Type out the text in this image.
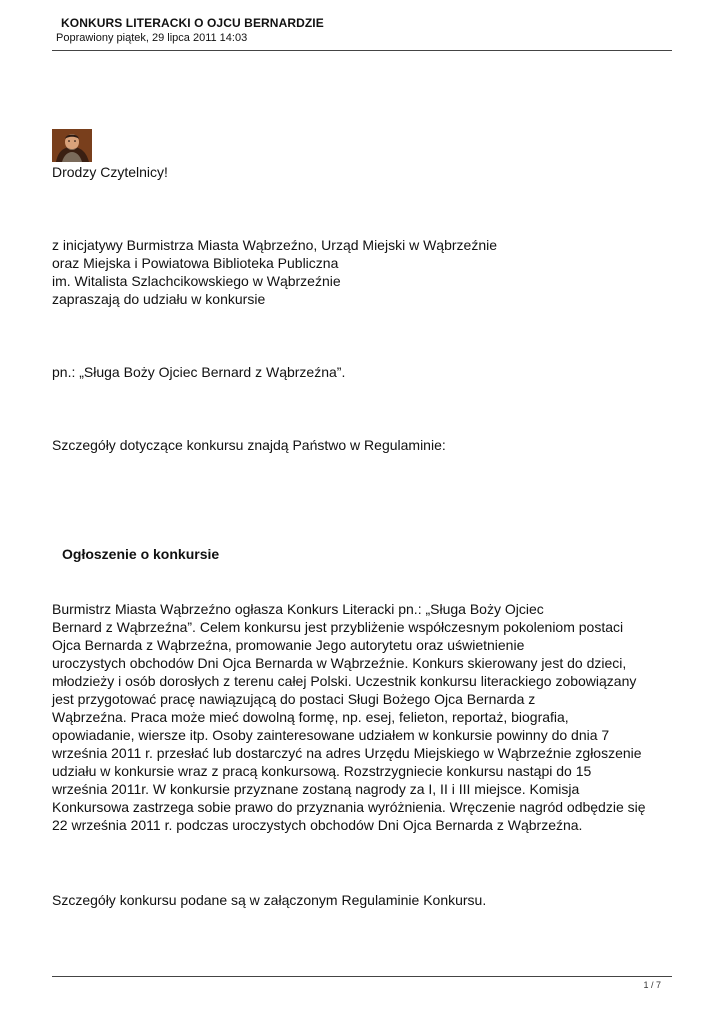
KONKURS LITERACKI O OJCU BERNARDZIE
Poprawiony piątek, 29 lipca 2011 14:03
Drodzy Czytelnicy!
z inicjatywy Burmistrza Miasta Wąbrzeźno, Urząd Miejski w Wąbrzeźnie
oraz Miejska i Powiatowa Biblioteka Publiczna
im. Witalista Szlachcikowskiego w Wąbrzeźnie
zapraszają do udziału w konkursie
pn.: „Sługa Boży Ojciec Bernard z Wąbrzeźna”.
Szczegóły dotyczące konkursu znajdą Państwo w Regulaminie:
Ogłoszenie o konkursie
Burmistrz Miasta Wąbrzeźno ogłasza Konkurs Literacki pn.: „Sługa Boży Ojciec
Bernard z Wąbrzeźna”. Celem konkursu jest przybliżenie współczesnym pokoleniom postaci
Ojca Bernarda z Wąbrzeźna, promowanie Jego autorytetu oraz uświetnienie
uroczystych obchodów Dni Ojca Bernarda w Wąbrzeźnie. Konkurs skierowany jest do dzieci,
młodzieży i osób dorosłych z terenu całej Polski. Uczestnik konkursu literackiego zobowiązany
jest przygotować pracę nawiązującą do postaci Sługi Bożego Ojca Bernarda z
Wąbrzeźna. Praca może mieć dowolną formę, np. esej, felieton, reportaż, biografia,
opowiadanie, wiersze itp. Osoby zainteresowane udziałem w konkursie powinny do dnia 7
września 2011 r. przesłać lub dostarczyć na adres Urzędu Miejskiego w Wąbrzeźnie zgłoszenie
udziału w konkursie wraz z pracą konkursową. Rozstrzygniecie konkursu nastąpi do 15
września 2011r. W konkursie przyznane zostaną nagrody za I, II i III miejsce. Komisja
Konkursowa zastrzega sobie prawo do przyznania wyróżnienia. Wręczenie nagród odbędzie się
22 września 2011 r. podczas uroczystych obchodów Dni Ojca Bernarda z Wąbrzeźna.
Szczegóły konkursu podane są w załączonym Regulaminie Konkursu.
1 / 7
